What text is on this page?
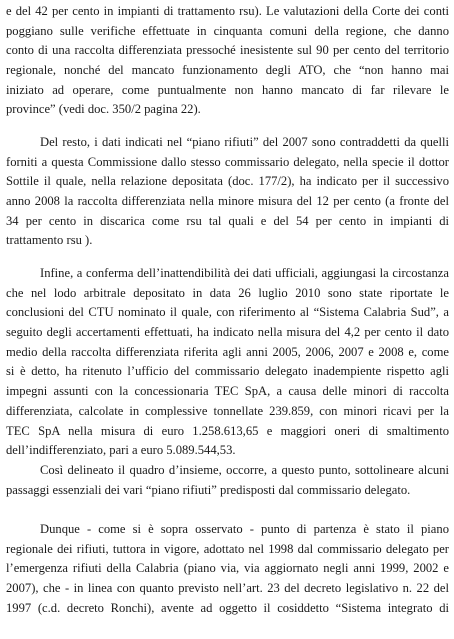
e del 42 per cento in impianti di trattamento rsu). Le valutazioni della Corte dei conti
poggiano sulle verifiche effettuate in cinquanta comuni della regione, che danno
conto di una raccolta differenziata pressoché inesistente sul 90 per cento del territorio
regionale, nonché del mancato funzionamento degli ATO, che “non hanno mai
iniziato ad operare, come puntualmente non hanno mancato di far rilevare le
province” (vedi doc. 350/2 pagina 22).
Del resto, i dati indicati nel “piano rifiuti” del 2007 sono contraddetti da quelli
forniti a questa Commissione dallo stesso commissario delegato, nella specie il dottor
Sottile il quale, nella relazione depositata (doc. 177/2), ha indicato per il successivo
anno 2008 la raccolta differenziata nella minore misura del 12 per cento (a fronte del
34 per cento in discarica come rsu tal quali e del 54 per cento in impianti di
trattamento rsu ).
Infine, a conferma dell’inattendibilità dei dati ufficiali, aggiungasi la circostanza
che nel lodo arbitrale depositato in data 26 luglio 2010 sono state riportate le
conclusioni del CTU nominato il quale, con riferimento al “Sistema Calabria Sud”, a
seguito degli accertamenti effettuati, ha indicato nella misura del 4,2 per cento il dato
medio della raccolta differenziata riferita agli anni 2005, 2006, 2007 e 2008 e, come
si è detto, ha ritenuto l’ufficio del commissario delegato inadempiente rispetto agli
impegni assunti con la concessionaria TEC SpA, a causa delle minori di raccolta
differenziata, calcolate in complessive tonnellate 239.859, con minori ricavi per la
TEC SpA nella misura di euro 1.258.613,65 e maggiori oneri di smaltimento
dell’indifferenziato, pari a euro 5.089.544,53.
Così delineato il quadro d’insieme, occorre, a questo punto, sottolineare alcuni
passaggi essenziali dei vari “piano rifiuti” predisposti dal commissario delegato.
Dunque - come si è sopra osservato - punto di partenza è stato il piano
regionale dei rifiuti, tuttora in vigore, adottato nel 1998 dal commissario delegato per
l’emergenza rifiuti della Calabria (piano via, via aggiornato negli anni 1999, 2002 e
2007), che - in linea con quanto previsto nell’art. 23 del decreto legislativo n. 22 del
1997 (c.d. decreto Ronchi), avente ad oggetto il cosiddetto “Sistema integrato di
